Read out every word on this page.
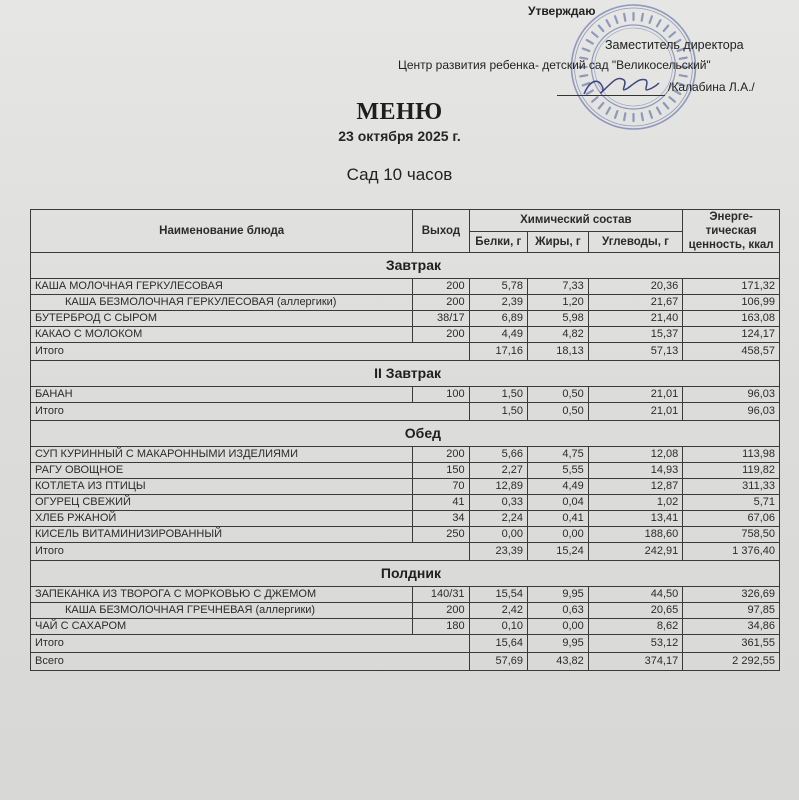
Утверждаю
Заместитель директора
Центр развития ребенка- детский сад "Великосельский"
/Калабина Л.А./
МЕНЮ
23 октября 2025 г.
Сад 10 часов
Наименование блюда	Выход	Химический состав			Энерге-тическая ценность, ккал
		Белки, г	Жиры, г	Углеводы, г	
Завтрак					
КАША МОЛОЧНАЯ ГЕРКУЛЕСОВАЯ	200	5,78	7,33	20,36	171,32
КАША БЕЗМОЛОЧНАЯ ГЕРКУЛЕСОВАЯ (аллергики)	200	2,39	1,20	21,67	106,99
БУТЕРБРОД С СЫРОМ	38/17	6,89	5,98	21,40	163,08
КАКАО С МОЛОКОМ	200	4,49	4,82	15,37	124,17
Итого		17,16	18,13	57,13	458,57
II Завтрак					
БАНАН	100	1,50	0,50	21,01	96,03
Итого		1,50	0,50	21,01	96,03
Обед					
СУП КУРИННЫЙ С МАКАРОННЫМИ ИЗДЕЛИЯМИ	200	5,66	4,75	12,08	113,98
РАГУ ОВОЩНОЕ	150	2,27	5,55	14,93	119,82
КОТЛЕТА ИЗ ПТИЦЫ	70	12,89	4,49	12,87	311,33
ОГУРЕЦ СВЕЖИЙ	41	0,33	0,04	1,02	5,71
ХЛЕБ РЖАНОЙ	34	2,24	0,41	13,41	67,06
КИСЕЛЬ ВИТАМИНИЗИРОВАННЫЙ	250	0,00	0,00	188,60	758,50
Итого		23,39	15,24	242,91	1 376,40
Полдник					
ЗАПЕКАНКА ИЗ ТВОРОГА С МОРКОВЬЮ С ДЖЕМОМ	140/31	15,54	9,95	44,50	326,69
КАША БЕЗМОЛОЧНАЯ ГРЕЧНЕВАЯ (аллергики)	200	2,42	0,63	20,65	97,85
ЧАЙ С САХАРОМ	180	0,10	0,00	8,62	34,86
Итого		15,64	9,95	53,12	361,55
Всего		57,69	43,82	374,17	2 292,55
